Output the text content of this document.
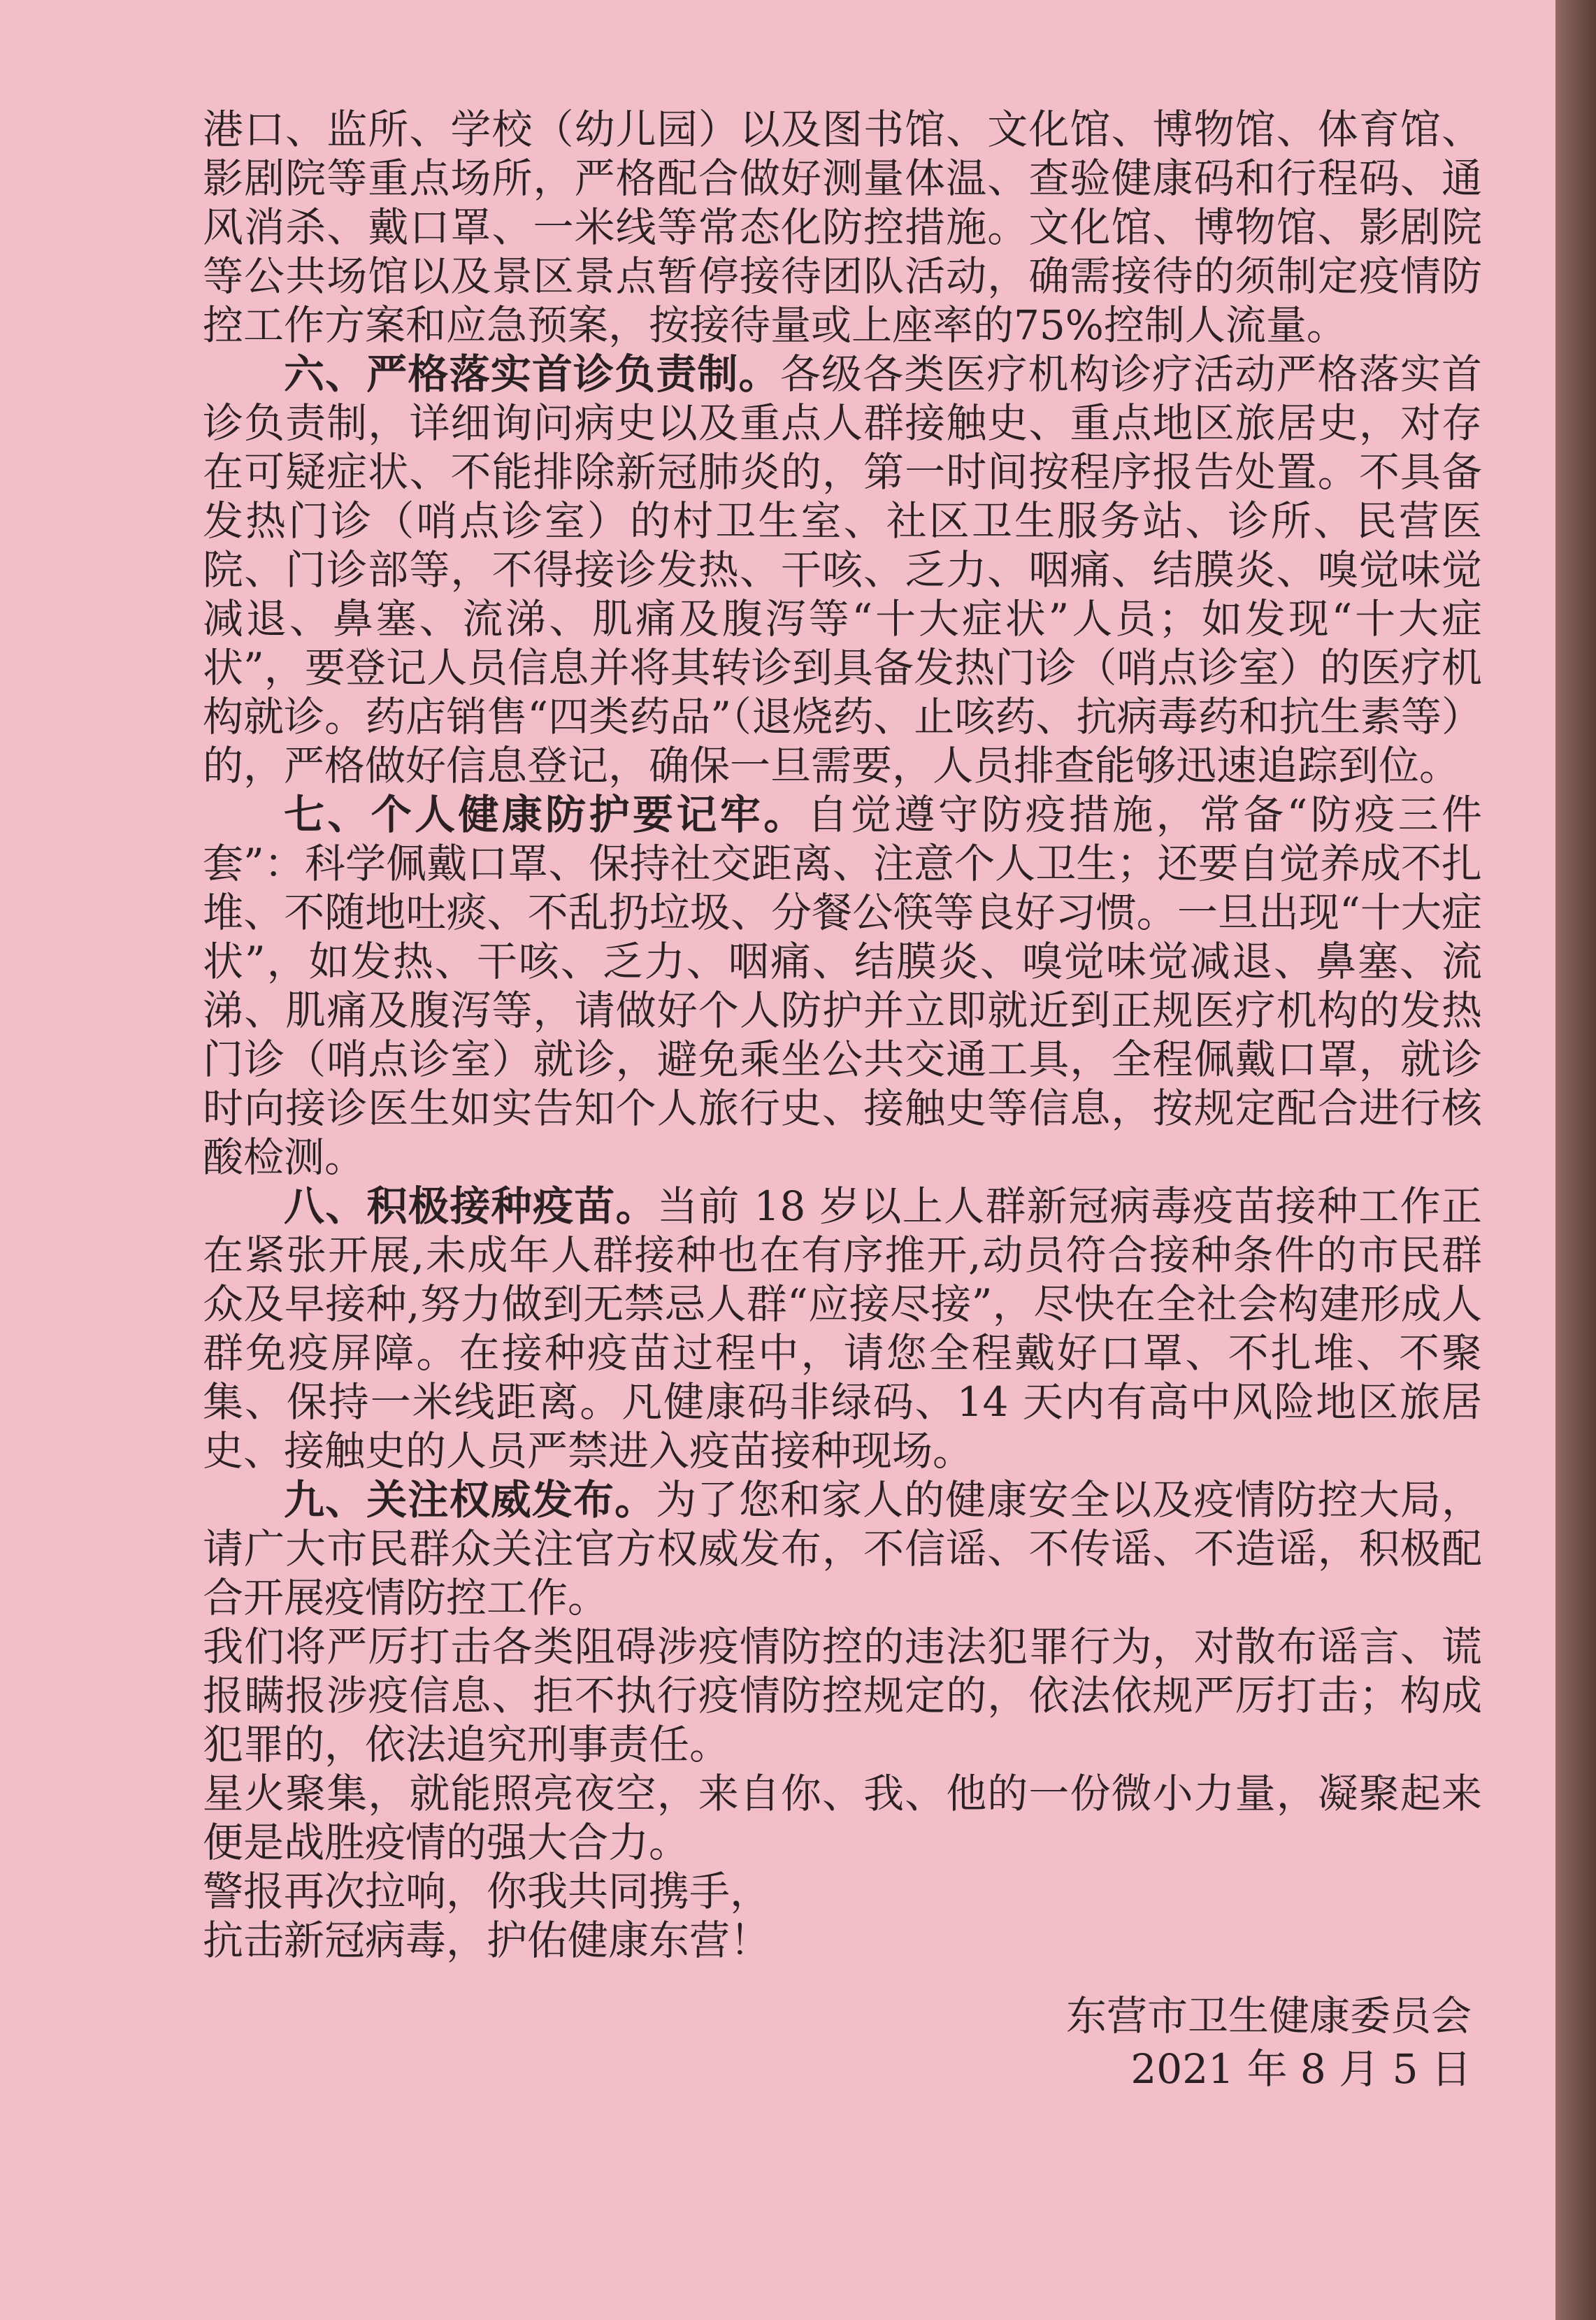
港口、监所、学校（幼儿园）以及图书馆、文化馆、博物馆、体育馆、影剧院等重点场所，严格配合做好测量体温、查验健康码和行程码、通风消杀、戴口罩、一米线等常态化防控措施。文化馆、博物馆、影剧院等公共场馆以及景区景点暂停接待团队活动，确需接待的须制定疫情防控工作方案和应急预案，按接待量或上座率的75%控制人流量。

六、严格落实首诊负责制。各级各类医疗机构诊疗活动严格落实首诊负责制，详细询问病史以及重点人群接触史、重点地区旅居史，对存在可疑症状、不能排除新冠肺炎的，第一时间按程序报告处置。不具备发热门诊（哨点诊室）的村卫生室、社区卫生服务站、诊所、民营医院、门诊部等，不得接诊发热、干咳、乏力、咽痛、结膜炎、嗅觉味觉减退、鼻塞、流涕、肌痛及腹泻等“十大症状”人员；如发现“十大症状”，要登记人员信息并将其转诊到具备发热门诊（哨点诊室）的医疗机构就诊。药店销售“四类药品”（退烧药、止咳药、抗病毒药和抗生素等）的，严格做好信息登记，确保一旦需要，人员排查能够迅速追踪到位。

七、个人健康防护要记牢。自觉遵守防疫措施，常备“防疫三件套”：科学佩戴口罩、保持社交距离、注意个人卫生；还要自觉养成不扎堆、不随地吐痰、不乱扔垃圾、分餐公筷等良好习惯。一旦出现“十大症状”，如发热、干咳、乏力、咽痛、结膜炎、嗅觉味觉减退、鼻塞、流涕、肌痛及腹泻等，请做好个人防护并立即就近到正规医疗机构的发热门诊（哨点诊室）就诊，避免乘坐公共交通工具，全程佩戴口罩，就诊时向接诊医生如实告知个人旅行史、接触史等信息，按规定配合进行核酸检测。

八、积极接种疫苗。当前 18 岁以上人群新冠病毒疫苗接种工作正在紧张开展,未成年人群接种也在有序推开,动员符合接种条件的市民群众及早接种,努力做到无禁忌人群“应接尽接”，尽快在全社会构建形成人群免疫屏障。在接种疫苗过程中，请您全程戴好口罩、不扎堆、不聚集、保持一米线距离。凡健康码非绿码、14 天内有高中风险地区旅居史、接触史的人员严禁进入疫苗接种现场。

九、关注权威发布。为了您和家人的健康安全以及疫情防控大局，请广大市民群众关注官方权威发布，不信谣、不传谣、不造谣，积极配合开展疫情防控工作。

我们将严厉打击各类阻碍涉疫情防控的违法犯罪行为，对散布谣言、谎报瞒报涉疫信息、拒不执行疫情防控规定的，依法依规严厉打击；构成犯罪的，依法追究刑事责任。

星火聚集，就能照亮夜空，来自你、我、他的一份微小力量，凝聚起来便是战胜疫情的强大合力。

警报再次拉响，你我共同携手，

抗击新冠病毒，护佑健康东营！

东营市卫生健康委员会
2021 年 8 月 5 日
